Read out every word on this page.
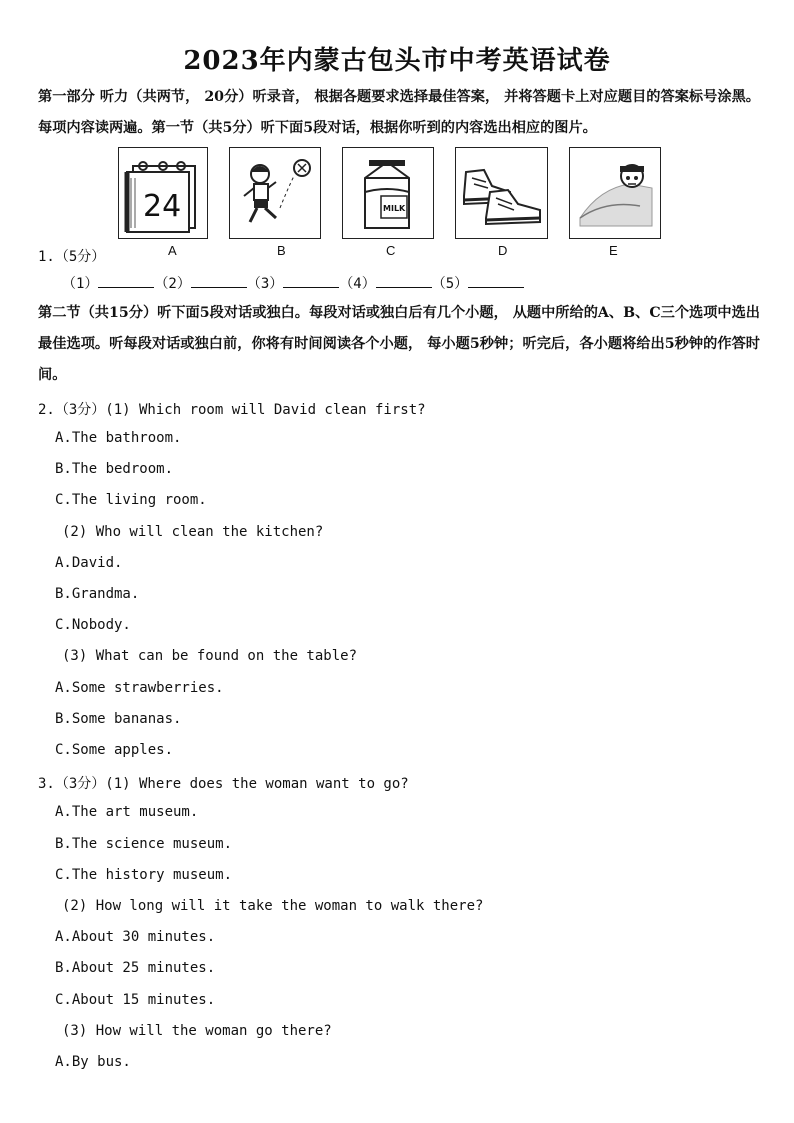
2023年内蒙古包头市中考英语试卷

第一部分 听力（共两节， 20分）听录音， 根据各题要求选择最佳答案， 并将答题卡上对应题目的答案标号涂黑。每项内容读两遍。第一节（共5分）听下面5段对话，根据你听到的内容选出相应的图片。

24	MILK
A	B	C	D	E

1.（5分）

（1）	（2）	（3）	（4）	（5）

第二节（共15分）听下面5段对话或独白。每段对话或独白后有几个小题， 从题中所给的A、B、C三个选项中选出最佳选项。听每段对话或独白前，你将有时间阅读各个小题， 每小题5秒钟；听完后，各小题将给出5秒钟的作答时间。

2.（3分）(1) Which room will David clean first?

A.The bathroom.

B.The bedroom.

C.The living room.

(2) Who will clean the kitchen?

A.David.

B.Grandma.

C.Nobody.

(3) What can be found on the table?

A.Some strawberries.

B.Some bananas.

C.Some apples.

3.（3分）(1) Where does the woman want to go?

A.The art museum.

B.The science museum.

C.The history museum.

(2) How long will it take the woman to walk there?

A.About 30 minutes.

B.About 25 minutes.

C.About 15 minutes.

(3) How will the woman go there?

A.By bus.
